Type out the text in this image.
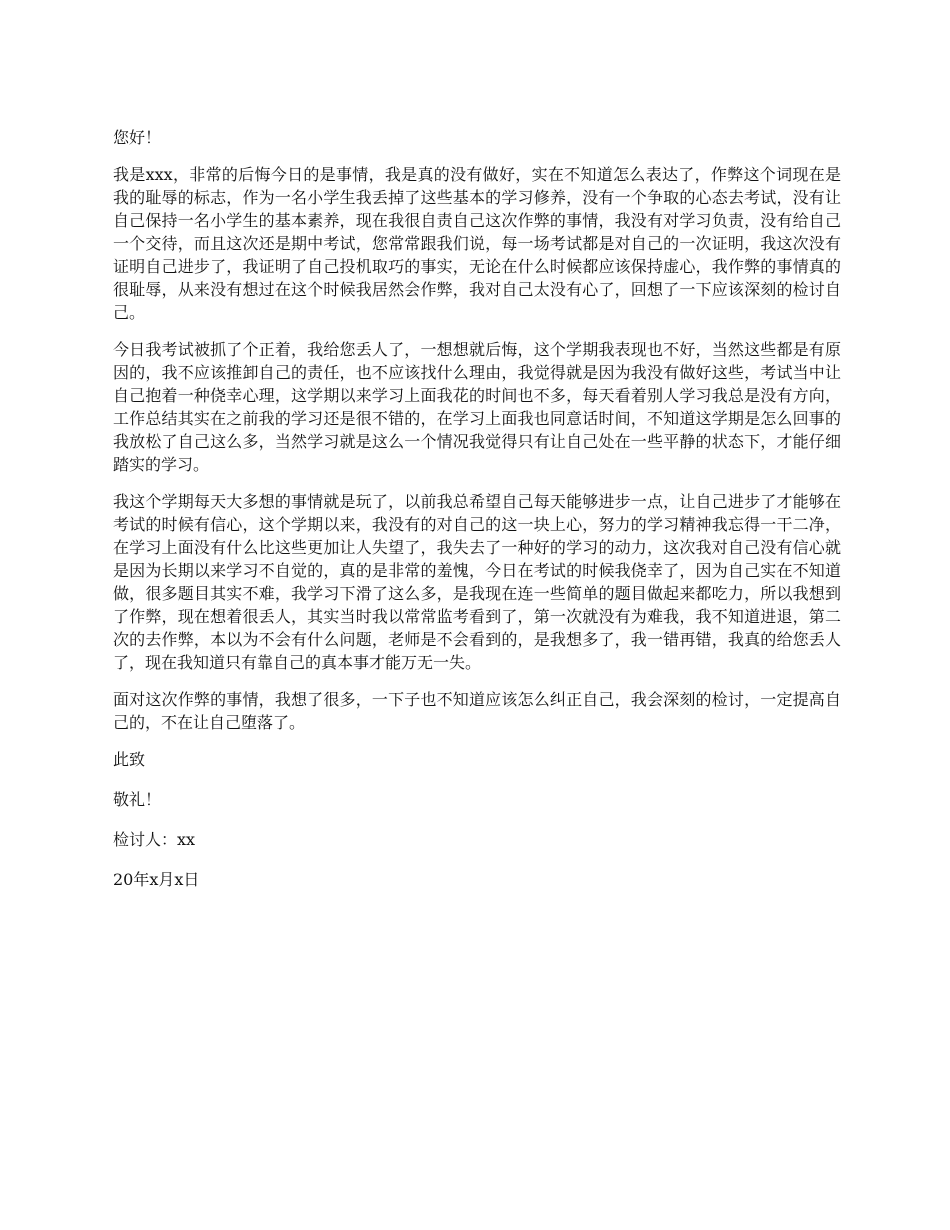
您好！

我是xxx，非常的后悔今日的是事情，我是真的没有做好，实在不知道怎么表达了，作弊这个词现在是我的耻辱的标志，作为一名小学生我丢掉了这些基本的学习修养，没有一个争取的心态去考试，没有让自己保持一名小学生的基本素养，现在我很自责自己这次作弊的事情，我没有对学习负责，没有给自己一个交待，而且这次还是期中考试，您常常跟我们说，每一场考试都是对自己的一次证明，我这次没有证明自己进步了，我证明了自己投机取巧的事实，无论在什么时候都应该保持虚心，我作弊的事情真的很耻辱，从来没有想过在这个时候我居然会作弊，我对自己太没有心了，回想了一下应该深刻的检讨自己。

今日我考试被抓了个正着，我给您丢人了，一想想就后悔，这个学期我表现也不好，当然这些都是有原因的，我不应该推卸自己的责任，也不应该找什么理由，我觉得就是因为我没有做好这些，考试当中让自己抱着一种侥幸心理，这学期以来学习上面我花的时间也不多，每天看着别人学习我总是没有方向，工作总结其实在之前我的学习还是很不错的，在学习上面我也同意话时间，不知道这学期是怎么回事的我放松了自己这么多，当然学习就是这么一个情况我觉得只有让自己处在一些平静的状态下，才能仔细踏实的学习。

我这个学期每天大多想的事情就是玩了，以前我总希望自己每天能够进步一点，让自己进步了才能够在考试的时候有信心，这个学期以来，我没有的对自己的这一块上心，努力的学习精神我忘得一干二净，在学习上面没有什么比这些更加让人失望了，我失去了一种好的学习的动力，这次我对自己没有信心就是因为长期以来学习不自觉的，真的是非常的羞愧，今日在考试的时候我侥幸了，因为自己实在不知道做，很多题目其实不难，我学习下滑了这么多，是我现在连一些简单的题目做起来都吃力，所以我想到了作弊，现在想着很丢人，其实当时我以常常监考看到了，第一次就没有为难我，我不知道进退，第二次的去作弊，本以为不会有什么问题，老师是不会看到的，是我想多了，我一错再错，我真的给您丢人了，现在我知道只有靠自己的真本事才能万无一失。

面对这次作弊的事情，我想了很多，一下子也不知道应该怎么纠正自己，我会深刻的检讨，一定提高自己的，不在让自己堕落了。

此致

敬礼！

检讨人：xx

20年x月x日
